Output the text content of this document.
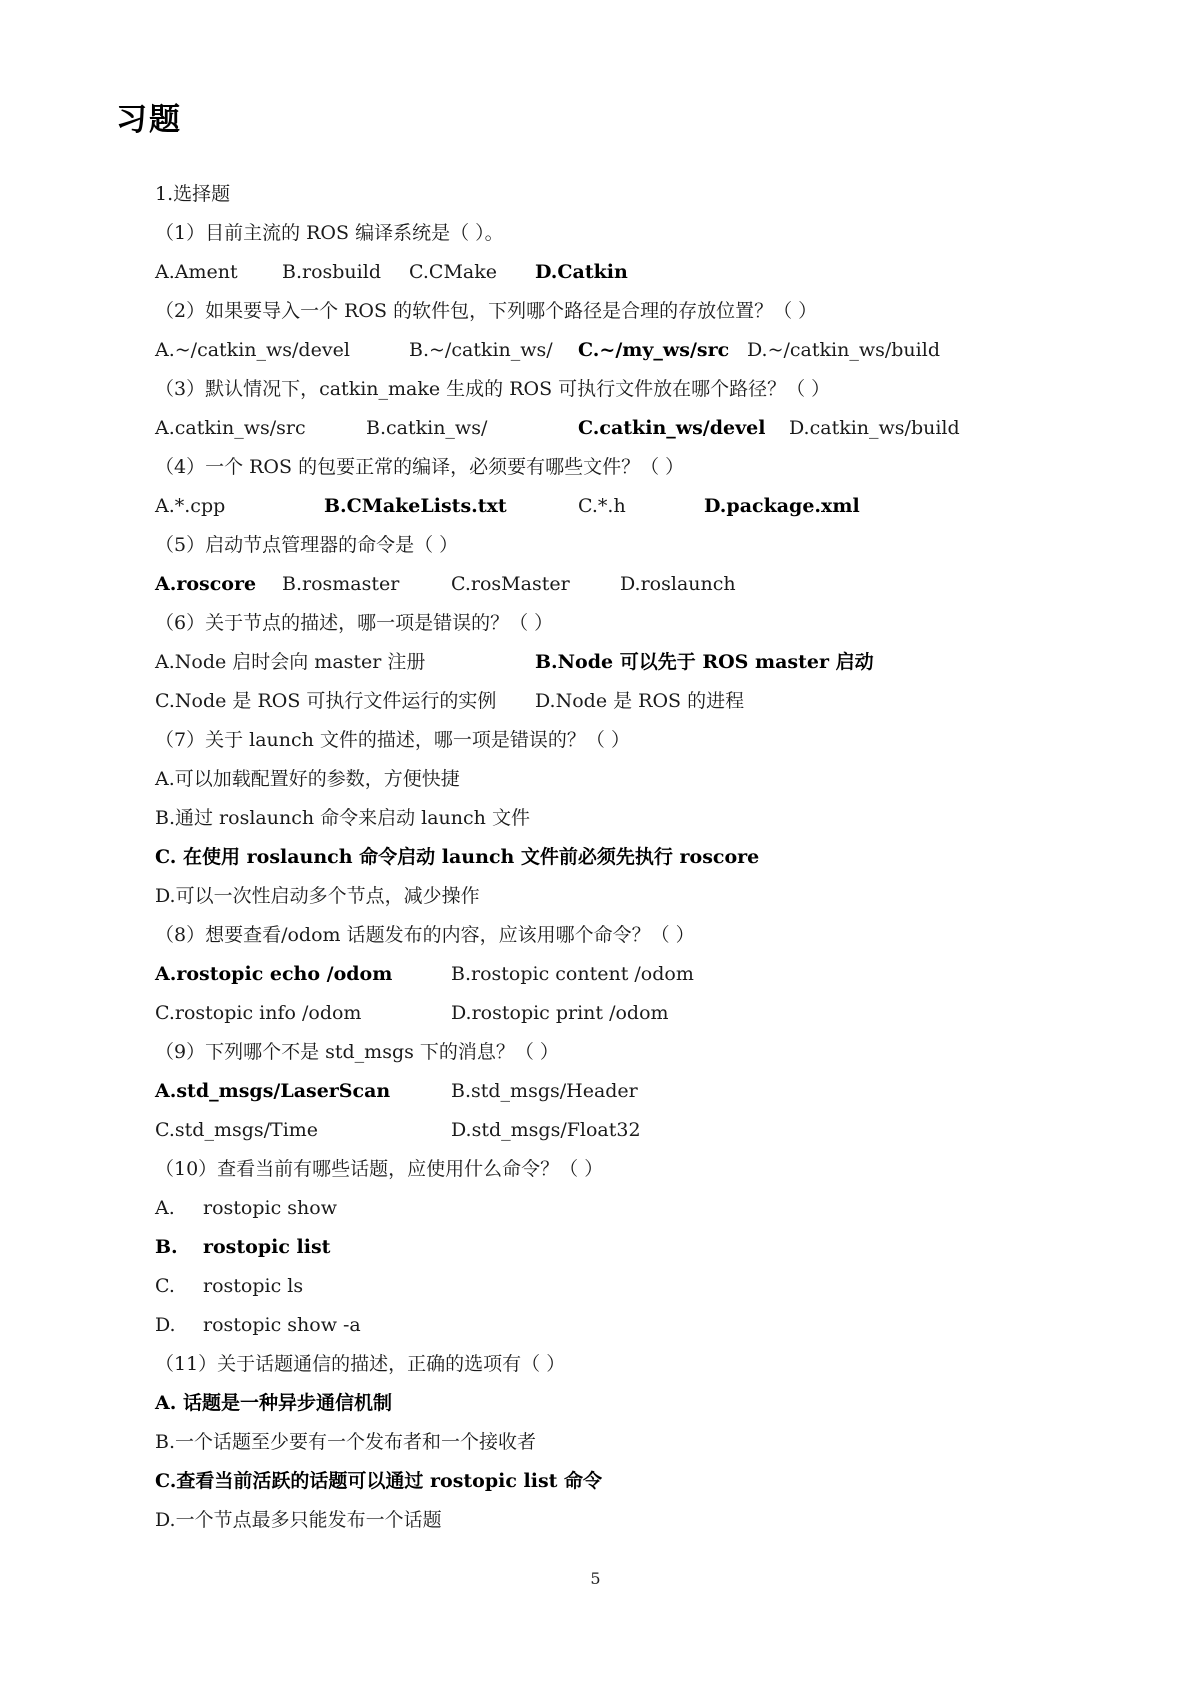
习题
1.选择题
（1）目前主流的 ROS 编译系统是（ ）。
A.Ament B.rosbuild C.CMake D.Catkin
（2）如果要导入一个 ROS 的软件包，下列哪个路径是合理的存放位置？（ ）
A.~/catkin_ws/devel	B.~/catkin_ws/ C.~/my_ws/src D.~/catkin_ws/build
（3）默认情况下，catkin_make 生成的 ROS 可执行文件放在哪个路径？（ ）
A.catkin_ws/src	B.catkin_ws/	C.catkin_ws/devel D.catkin_ws/build
（4）一个 ROS 的包要正常的编译，必须要有哪些文件？（ ）
A.*.cpp	B.CMakeLists.txt	C.*.h	D.package.xml
（5）启动节点管理器的命令是（ ）
A.roscore B.rosmaster	C.rosMaster	D.roslaunch
（6）关于节点的描述，哪一项是错误的？（ ）
A.Node 启时会向 master 注册	B.Node 可以先于 ROS master 启动
C.Node 是 ROS 可执行文件运行的实例 D.Node 是 ROS 的进程
（7）关于 launch 文件的描述，哪一项是错误的？（ ）
A.可以加载配置好的参数，方便快捷
B.通过 roslaunch 命令来启动 launch 文件
C. 在使用 roslaunch 命令启动 launch 文件前必须先执行 roscore
D.可以一次性启动多个节点，减少操作
（8）想要查看/odom 话题发布的内容，应该用哪个命令？（ ）
A.rostopic echo /odom	B.rostopic content /odom
C.rostopic info /odom	D.rostopic print /odom
（9）下列哪个不是 std_msgs 下的消息？（ ）
A.std_msgs/LaserScan	B.std_msgs/Header
C.std_msgs/Time	D.std_msgs/Float32
（10）查看当前有哪些话题，应使用什么命令？（ ）
A. rostopic show
B. rostopic list
C. rostopic ls
D. rostopic show -a
（11）关于话题通信的描述，正确的选项有（ ）
A. 话题是一种异步通信机制
B.一个话题至少要有一个发布者和一个接收者
C.查看当前活跃的话题可以通过 rostopic list 命令
D.一个节点最多只能发布一个话题
5
